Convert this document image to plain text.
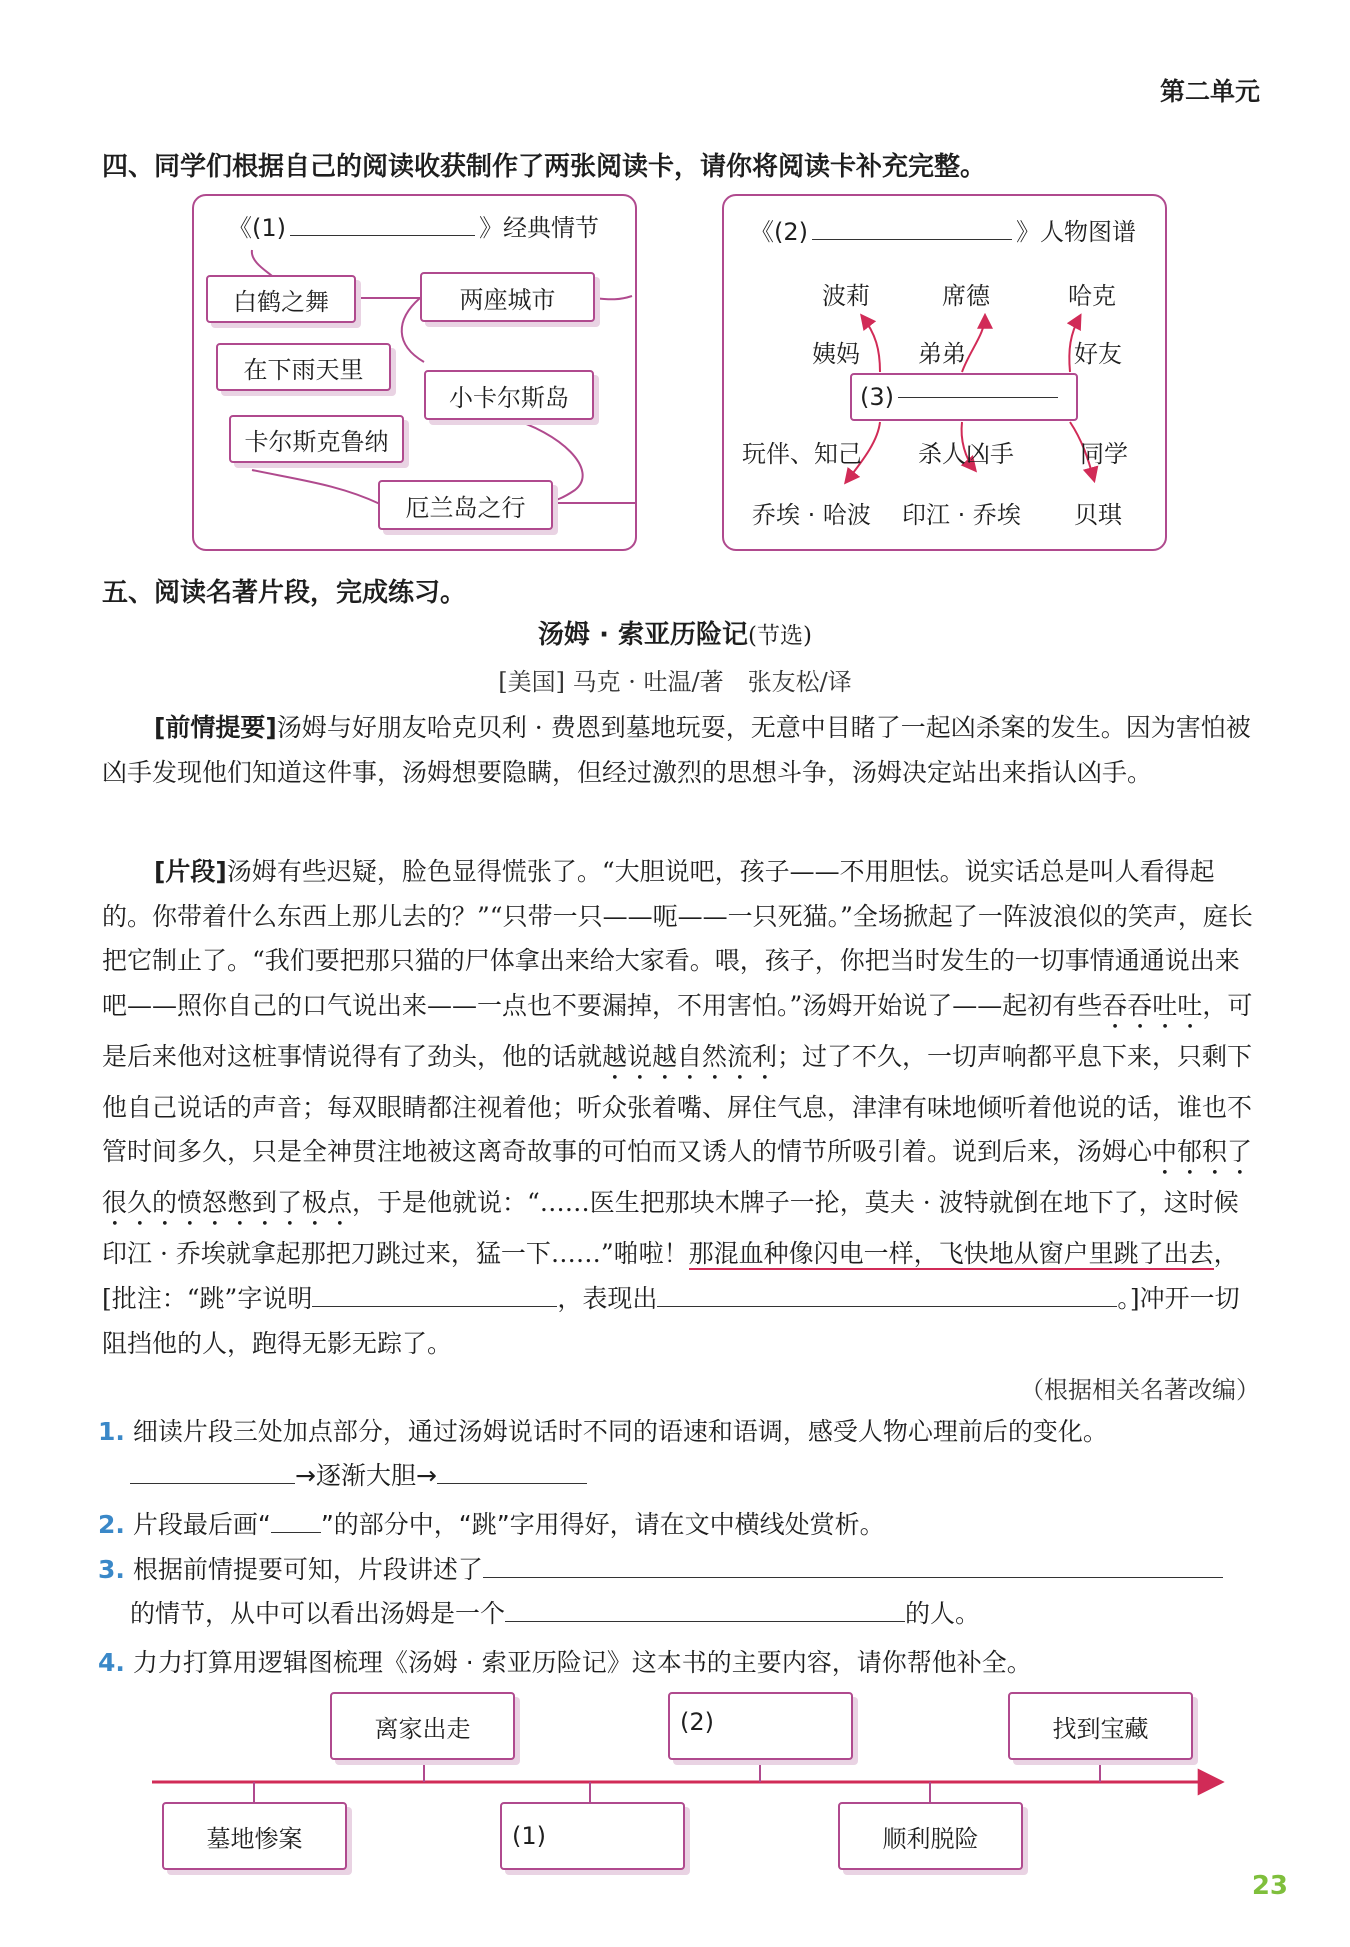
第二单元
四、同学们根据自己的阅读收获制作了两张阅读卡，请你将阅读卡补充完整。
《(1)	》经典情节
白鹤之舞	两座城市
在下雨天里
小卡尔斯岛
卡尔斯克鲁纳
厄兰岛之行
《(2)	》人物图谱
波莉	席德	哈克
姨妈 弟弟	好友
(3)
玩伴、知己 杀人凶手	同学
乔埃 · 哈波 印江 · 乔埃 贝琪
五、阅读名著片段，完成练习。
汤姆 · 索亚历险记(节选)
[美国] 马克 · 吐温/著　张友松/译

[前情提要]汤姆与好朋友哈克贝利 · 费恩到墓地玩耍，无意中目睹了一起凶杀案的发生。因为害怕被凶手发现他们知道这件事，汤姆想要隐瞒，但经过激烈的思想斗争，汤姆决定站出来指认凶手。

[片段]汤姆有些迟疑，脸色显得慌张了。“大胆说吧，孩子——不用胆怯。说实话总是叫人看得起的。你带着什么东西上那儿去的？”“只带一只——呃——一只死猫。”全场掀起了一阵波浪似的笑声，庭长把它制止了。“我们要把那只猫的尸体拿出来给大家看。喂，孩子，你把当时发生的一切事情通通说出来吧——照你自己的口气说出来——一点也不要漏掉，不用害怕。”汤姆开始说了——起初有些吞吞吐吐，可是后来他对这桩事情说得有了劲头，他的话就越说越自然流利；过了不久，一切声响都平息下来，只剩下他自己说话的声音；每双眼睛都注视着他；听众张着嘴、屏住气息，津津有味地倾听着他说的话，谁也不管时间多久，只是全神贯注地被这离奇故事的可怕而又诱人的情节所吸引着。说到后来，汤姆心中郁积了很久的愤怒憋到了极点，于是他就说：“……医生把那块木牌子一抡，莫夫 · 波特就倒在地下了，这时候印江 · 乔埃就拿起那把刀跳过来，猛一下……”啪啦！那混血种像闪电一样，飞快地从窗户里跳了出去，[批注：“跳”字说明	，表现出	。]冲开一切阻挡他的人，跑得无影无踪了。

（根据相关名著改编）
1. 细读片段三处加点部分，通过汤姆说话时不同的语速和语调，感受人物心理前后的变化。
→逐渐大胆→
2. 片段最后画“ ”的部分中，“跳”字用得好，请在文中横线处赏析。
3. 根据前情提要可知，片段讲述了
的情节，从中可以看出汤姆是一个	的人。
4. 力力打算用逻辑图梳理《汤姆 · 索亚历险记》这本书的主要内容，请你帮他补全。
离家出走	(2)	找到宝藏
墓地惨案	(1)	顺利脱险
23
